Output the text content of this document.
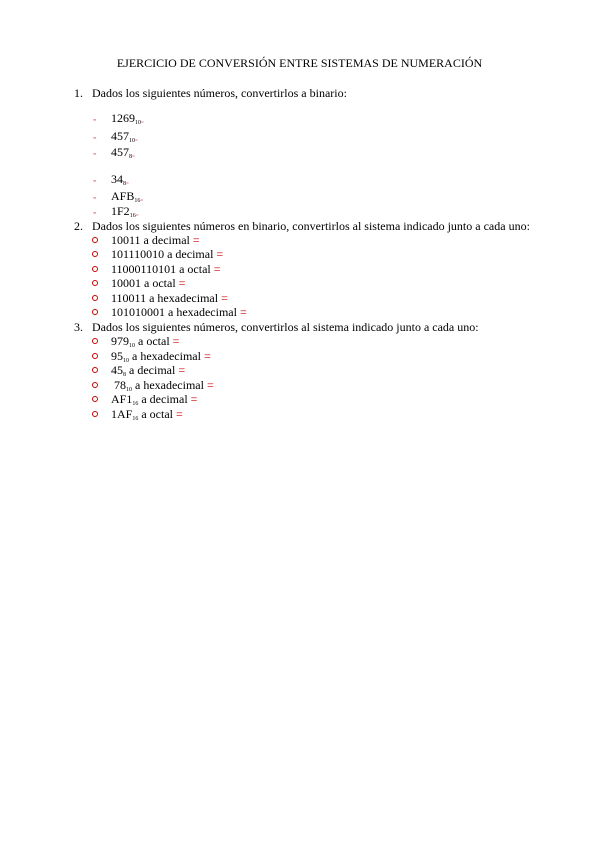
EJERCICIO DE CONVERSIÓN ENTRE SISTEMAS DE NUMERACIÓN
1. Dados los siguientes números, convertirlos a binario:
= $1269_{10}=$
= $457_{10}=$
= $457_8=$
= $34_8=$
= $AFB_{16}=$
= $1F2_{16}=$
2. Dados los siguientes números en binario, convertirlos al sistema indicado junto a cada uno:
10011 a decimal =
101110010 a decimal =
11000110101 a octal =
10001 a octal =
110011 a hexadecimal =
101010001 a hexadecimal =
3. Dados los siguientes números, convertirlos al sistema indicado junto a cada uno:
$979_{10}$ a octal =
$95_{10}$ a hexadecimal =
$45_8$ a decimal =
$78_{10}$ a hexadecimal =
$AF1_{16}$ a decimal =
$1AF_{16}$ a octal =
